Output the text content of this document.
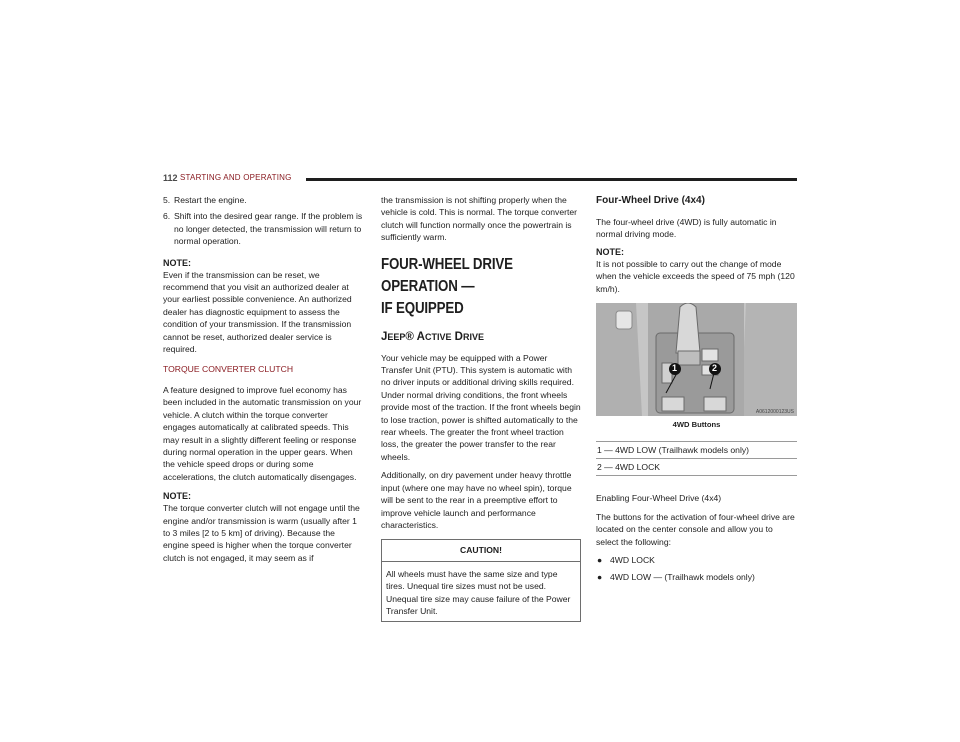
112 STARTING AND OPERATING
5. Restart the engine.
6. Shift into the desired gear range. If the problem is no longer detected, the transmission will return to normal operation.
NOTE:
Even if the transmission can be reset, we recommend that you visit an authorized dealer at your earliest possible convenience. An authorized dealer has diagnostic equipment to assess the condition of your transmission. If the transmission cannot be reset, authorized dealer service is required.
TORQUE CONVERTER CLUTCH

A feature designed to improve fuel economy has been included in the automatic transmission on your vehicle. A clutch within the torque converter engages automatically at calibrated speeds. This may result in a slightly different feeling or response during normal operation in the upper gears. When the vehicle speed drops or during some accelerations, the clutch automatically disengages.

NOTE:
The torque converter clutch will not engage until the engine and/or transmission is warm (usually after 1 to 3 miles [2 to 5 km] of driving). Because the engine speed is higher when the torque converter clutch is not engaged, it may seem as if

the transmission is not shifting properly when the vehicle is cold. This is normal. The torque converter clutch will function normally once the powertrain is sufficiently warm.

FOUR-WHEEL DRIVE OPERATION —
IF EQUIPPED
JEEP® ACTIVE DRIVE

Your vehicle may be equipped with a Power Transfer Unit (PTU). This system is automatic with no driver inputs or additional driving skills required. Under normal driving conditions, the front wheels provide most of the traction. If the front wheels begin to lose traction, power is shifted automatically to the rear wheels. The greater the front wheel traction loss, the greater the power transfer to the rear wheels.

Additionally, on dry pavement under heavy throttle input (where one may have no wheel spin), torque will be sent to the rear in a preemptive effort to improve vehicle launch and performance characteristics.

CAUTION!
All wheels must have the same size and type tires. Unequal tire sizes must not be used. Unequal tire size may cause failure of the Power Transfer Unit.
Four-Wheel Drive (4x4)

The four-wheel drive (4WD) is fully automatic in normal driving mode.

NOTE:
It is not possible to carry out the change of mode when the vehicle exceeds the speed of 75 mph (120 km/h).
1	2
A0612000123US
4WD Buttons
1 — 4WD LOW (Trailhawk models only)
2 — 4WD LOCK
Enabling Four-Wheel Drive (4x4)

The buttons for the activation of four-wheel drive are located on the center console and allow you to select the following:

● 4WD LOCK
● 4WD LOW — (Trailhawk models only)
